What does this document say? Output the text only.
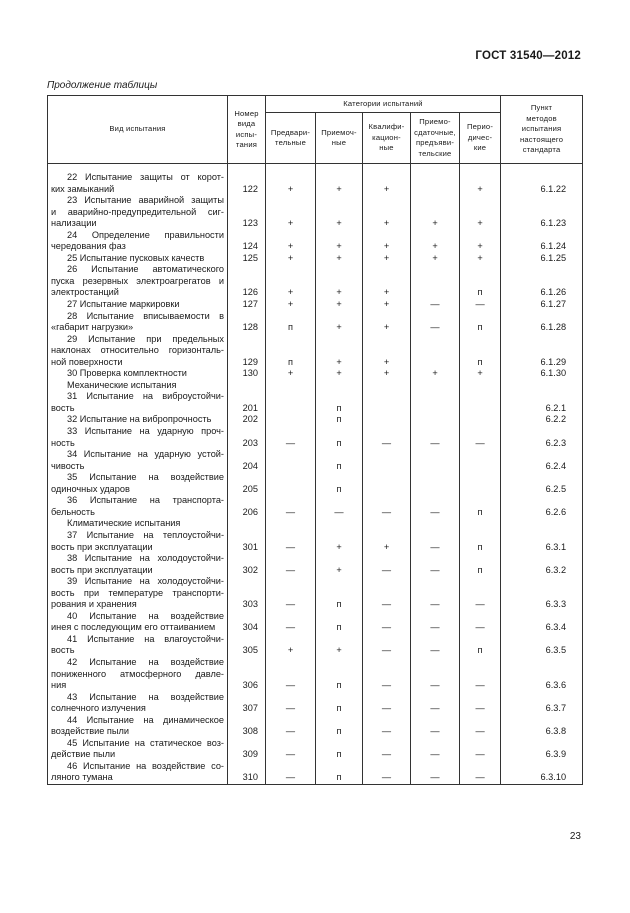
ГОСТ 31540—2012
Продолжение таблицы
Вид испытания	Номер
вида
испы-
тания	Категории испытаний					Пункт
методов
испытания
настоящего
стандарта
		Предвари-
тельные	Приемоч-
ные	Квалифи-
кацион-
ные	Приемо-
сдаточные,
предъяви-
тельские	Перио-
дичес-
кие	

22 Испытание защиты от корот-							

ких замыканий	122	+	+	+		+	6.1.22

23 Испытание аварийной защиты							

и аварийно-предупредительной сиг-							

нализации	123	+	+	+	+	+	6.1.23

24 Определение правильности							

чередования фаз	124	+	+	+	+	+	6.1.24
25 Испытание пусковых качеств	125	+	+	+	+	+	6.1.25

26 Испытание автоматического							

пуска резервных электроагрегатов и							

электростанций	126	+	+	+		п	6.1.26
27 Испытание маркировки	127	+	+	+	—	—	6.1.27

28 Испытание вписываемости в							

«габарит нагрузки»	128	п	+	+	—	п	6.1.28

29 Испытание при предельных							

наклонах относительно горизонталь-							

ной поверхности	129	п	+	+		п	6.1.29
30 Проверка комплектности	130	+	+	+	+	+	6.1.30
Механические испытания							

31 Испытание на виброустойчи-							

вость	201		п				6.2.1
32 Испытание на вибропрочность	202		п				6.2.2

33 Испытание на ударную проч-							

ность	203	—	п	—	—	—	6.2.3

34 Испытание на ударную устой-							

чивость	204		п				6.2.4

35 Испытание на воздействие							

одиночных ударов	205		п				6.2.5

36 Испытание на транспорта-							

бельность	206	—	—	—	—	п	6.2.6
Климатические испытания							

37 Испытание на теплоустойчи-							

вость при эксплуатации	301	—	+	+	—	п	6.3.1

38 Испытание на холодоустойчи-							

вость при эксплуатации	302	—	+	—	—	п	6.3.2

39 Испытание на холодоустойчи-							

вость при температуре транспорти-							

рования и хранения	303	—	п	—	—	—	6.3.3

40 Испытание на воздействие							

инея с последующим его оттаиванием	304	—	п	—	—	—	6.3.4

41 Испытание на влагоустойчи-							

вость	305	+	+	—	—	п	6.3.5

42 Испытание на воздействие							

пониженного атмосферного давле-							

ния	306	—	п	—	—	—	6.3.6

43 Испытание на воздействие							

солнечного излучения	307	—	п	—	—	—	6.3.7

44 Испытание на динамическое							

воздействие пыли	308	—	п	—	—	—	6.3.8

45 Испытание на статическое воз-							

действие пыли	309	—	п	—	—	—	6.3.9

46 Испытание на воздействие со-							

ляного тумана	310	—	п	—	—	—	6.3.10
23
